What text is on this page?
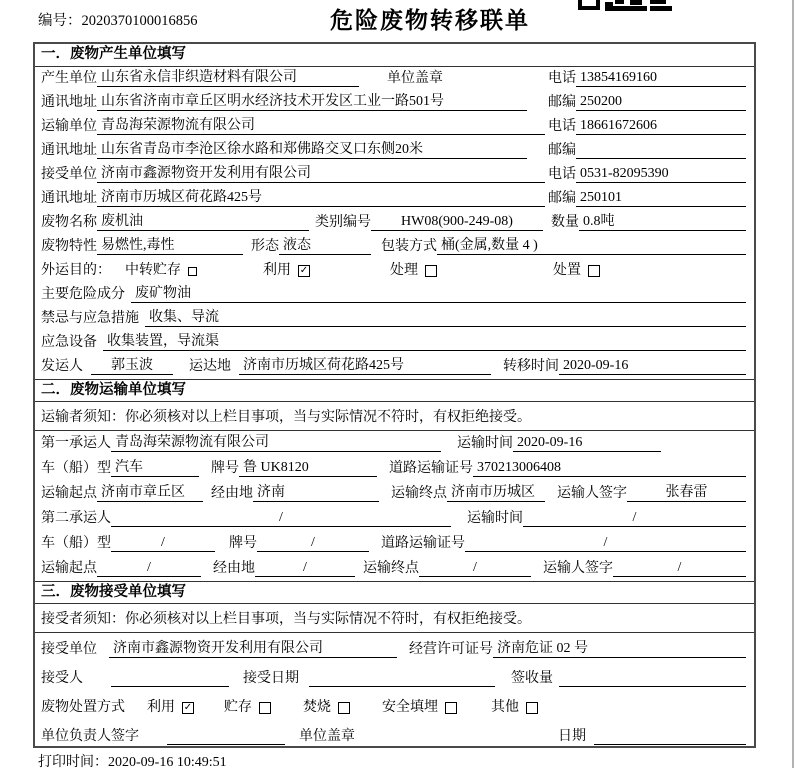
编号：2020370100016856	危险废物转移联单
一．废物产生单位填写
产生单位 山东省永信非织造材料有限公司	单位盖章	电话 13854169160
通讯地址 山东省济南市章丘区明水经济技术开发区工业一路501号	邮编 250200
运输单位 青岛海荣源物流有限公司	电话 18661672606
通讯地址 山东省青岛市李沧区徐水路和郑佛路交叉口东侧20米	邮编
接受单位 济南市鑫源物资开发利用有限公司	电话 0531-82095390
通讯地址 济南市历城区荷花路425号	邮编 250101
废物名称 废机油	类别编号	HW08(900-249-08)	数量 0.8吨
废物特性 易燃性,毒性	形态 液态	包装方式 桶(金属,数量 4 )
外运目的： 中转贮存	利用 ✓	处理	处置
主要危险成分 废矿物油
禁忌与应急措施 收集、导流
应急设备 收集装置，导流渠
发运人	郭玉波	运达地 济南市历城区荷花路425号	转移时间 2020-09-16
二．废物运输单位填写
运输者须知：你必须核对以上栏目事项，当与实际情况不符时，有权拒绝接受。
第一承运人 青岛海荣源物流有限公司	运输时间 2020-09-16
车（船）型 汽车	牌号 鲁 UK8120	道路运输证号 370213006408
运输起点 济南市章丘区	经由地 济南	运输终点 济南市历城区	运输人签字	张春雷
第二承运人	/	运输时间	/
车（船）型	/	牌号	/	道路运输证号	/
运输起点	/	经由地	/	运输终点	/	运输人签字	/
三．废物接受单位填写
接受者须知：你必须核对以上栏目事项，当与实际情况不符时，有权拒绝接受。
接受单位 济南市鑫源物资开发利用有限公司	经营许可证号 济南危证 02 号
接受人	接受日期	签收量
废物处置方式 利用 ✓ 贮存	焚烧	安全填埋	其他
单位负责人签字	单位盖章	日期
打印时间：2020-09-16 10:49:51
